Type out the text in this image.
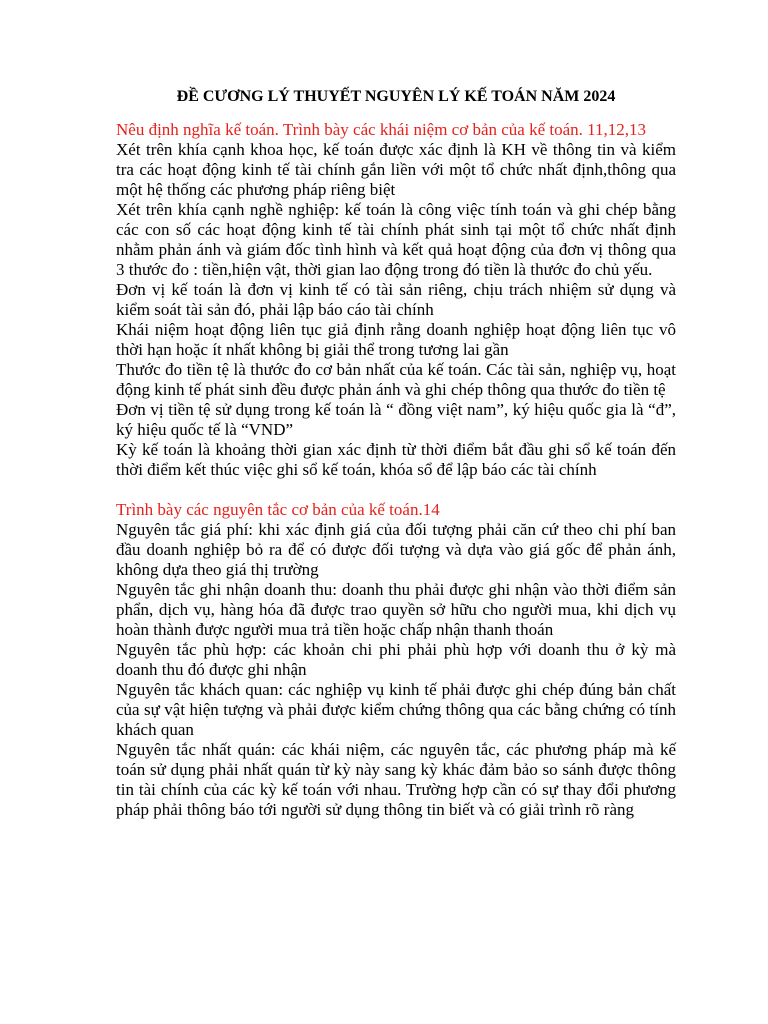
ĐỀ CƯƠNG LÝ THUYẾT NGUYÊN LÝ KẾ TOÁN NĂM 2024

Nêu định nghĩa kế toán. Trình bày các khái niệm cơ bản của kế toán. 11,12,13

Xét trên khía cạnh khoa học, kế toán được xác định là KH về thông tin và kiểm tra các hoạt động kinh tế tài chính gắn liền với một tổ chức nhất định,thông qua một hệ thống các phương pháp riêng biệt

Xét trên khía cạnh nghề nghiệp: kế toán là công việc tính toán và ghi chép bằng các con số các hoạt động kinh tế tài chính phát sinh tại một tổ chức nhất định nhằm phản ánh và giám đốc tình hình và kết quả hoạt động của đơn vị thông qua 3 thước đo : tiền,hiện vật, thời gian lao động trong đó tiền là thước đo chủ yếu.

Đơn vị kế toán là đơn vị kinh tế có tài sản riêng, chịu trách nhiệm sử dụng và kiểm soát tài sản đó, phải lập báo cáo tài chính

Khái niệm hoạt động liên tục giả định rằng doanh nghiệp hoạt động liên tục vô thời hạn hoặc ít nhất không bị giải thể trong tương lai gần

Thước đo tiền tệ là thước đo cơ bản nhất của kế toán. Các tài sản, nghiệp vụ, hoạt động kinh tế phát sinh đều được phản ánh và ghi chép thông qua thước đo tiền tệ

Đơn vị tiền tệ sử dụng trong kế toán là “ đồng việt nam”, ký hiệu quốc gia là “đ”, ký hiệu quốc tế là “VND”

Kỳ kế toán là khoảng thời gian xác định từ thời điểm bắt đầu ghi sổ kế toán đến thời điểm kết thúc việc ghi sổ kế toán, khóa sổ để lập báo các tài chính

Trình bày các nguyên tắc cơ bản của kế toán.14

Nguyên tắc giá phí: khi xác định giá của đối tượng phải căn cứ theo chi phí ban đầu doanh nghiệp bỏ ra để có được đối tượng và dựa vào giá gốc để phản ánh, không dựa theo giá thị trường

Nguyên tắc ghi nhận doanh thu: doanh thu phải được ghi nhận vào thời điểm sản phẩn, dịch vụ, hàng hóa đã được trao quyền sở hữu cho người mua, khi dịch vụ hoàn thành được người mua trả tiền hoặc chấp nhận thanh thoán

Nguyên tắc phù hợp: các khoản chi phi phải phù hợp với doanh thu ở kỳ mà doanh thu đó được ghi nhận

Nguyên tắc khách quan: các nghiệp vụ kinh tế phải được ghi chép đúng bản chất của sự vật hiện tượng và phải được kiểm chứng thông qua các bằng chứng có tính khách quan

Nguyên tắc nhất quán: các khái niệm, các nguyên tắc, các phương pháp mà kế toán sử dụng phải nhất quán từ kỳ này sang kỳ khác đảm bảo so sánh được thông tin tài chính của các kỳ kế toán với nhau. Trường hợp cần có sự thay đổi phương pháp phải thông báo tới người sử dụng thông tin biết và có giải trình rõ ràng
